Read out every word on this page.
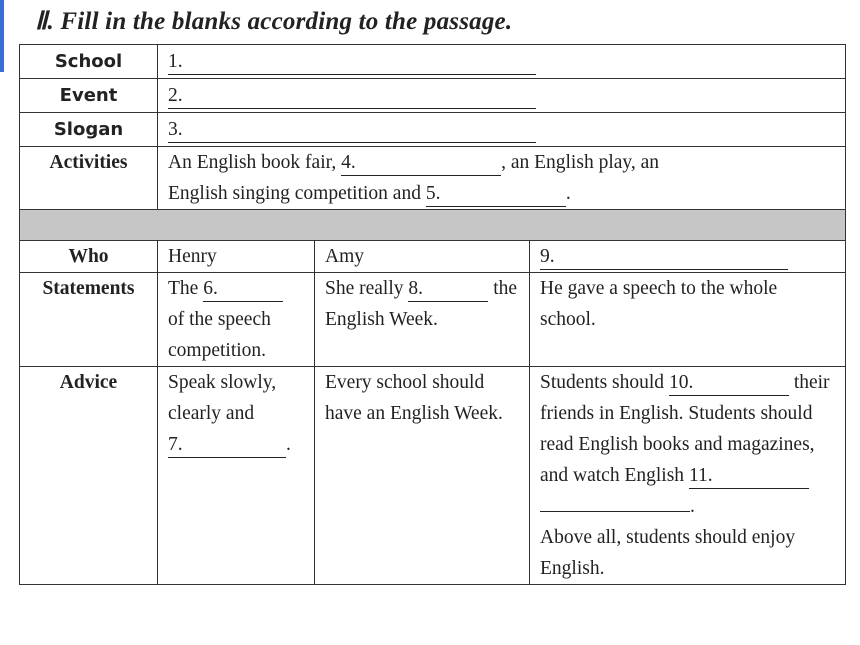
Ⅱ. Fill in the blanks according to the passage.
School	1.		
Event	2.		
Slogan	3.		
Activities	An English book fair, 4. , an English play, an
English singing competition and 5. .		

Who	Henry	Amy	9.
Statements	The 6. of the speech competition.	She really 8. the English Week.	He gave a speech to the whole school.
Advice	Speak slowly, clearly and 7. .	Every school should have an English Week.	Students should 10. their friends in English. Students should read English books and magazines, and watch English 11. .
Above all, students should enjoy English.
